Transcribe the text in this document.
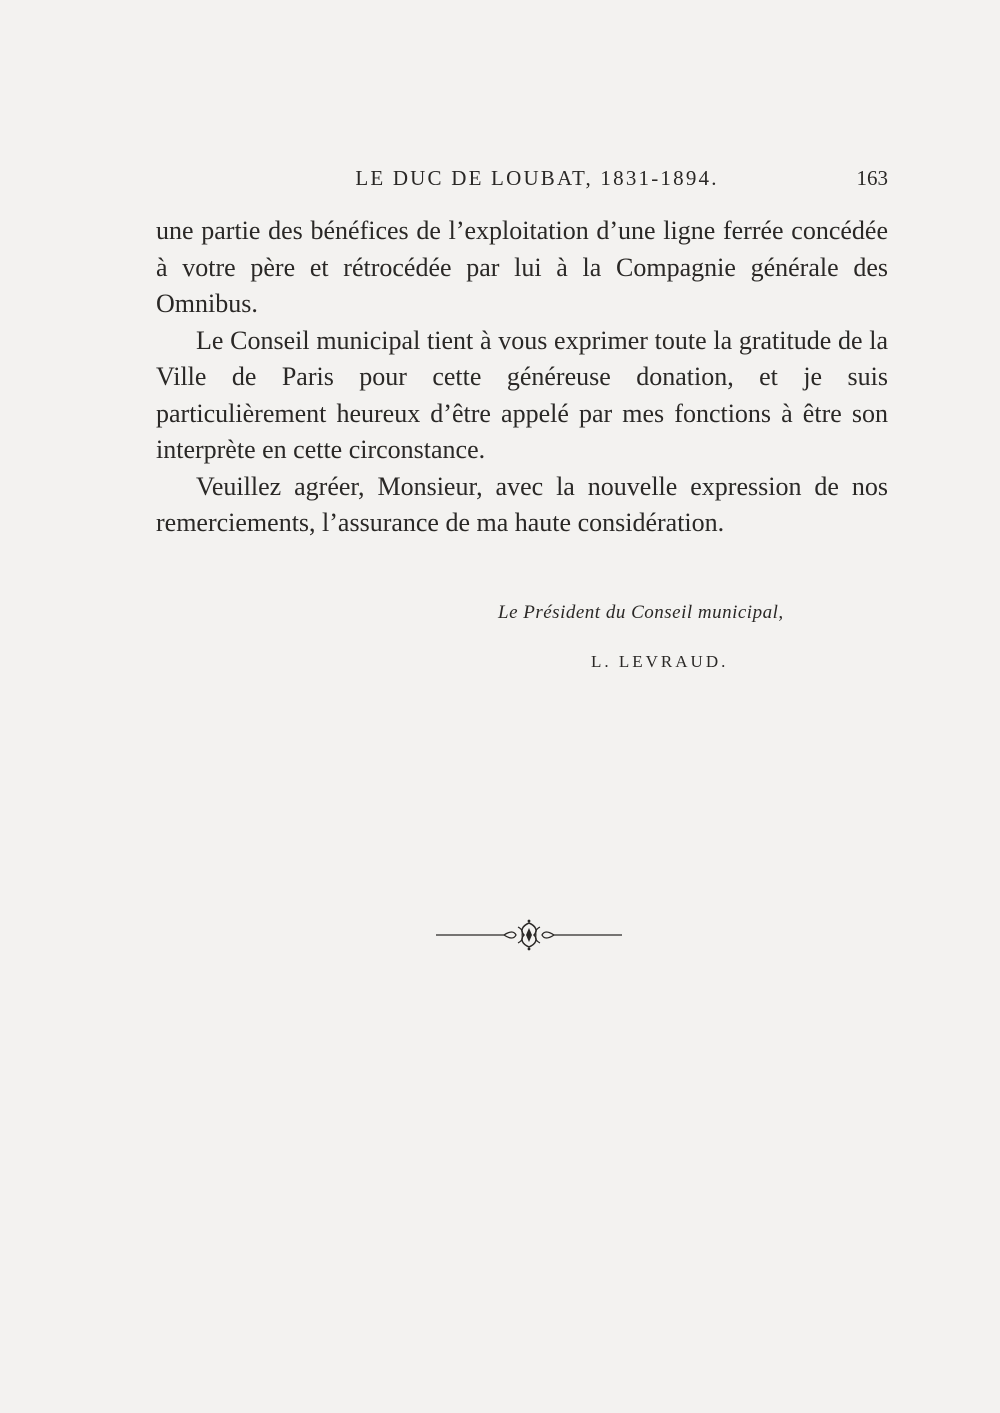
LE DUC DE LOUBAT, 1831-1894.	163

une partie des bénéfices de l’exploitation d’une ligne ferrée concédée à votre père et rétrocédée par lui à la Compagnie générale des Omnibus.

Le Conseil municipal tient à vous exprimer toute la gratitude de la Ville de Paris pour cette généreuse donation, et je suis particulièrement heureux d’être appelé par mes fonctions à être son interprète en cette circonstance.

Veuillez agréer, Monsieur, avec la nouvelle expression de nos remerciements, l’assurance de ma haute considération.

Le Président du Conseil municipal,
L. LEVRAUD.
